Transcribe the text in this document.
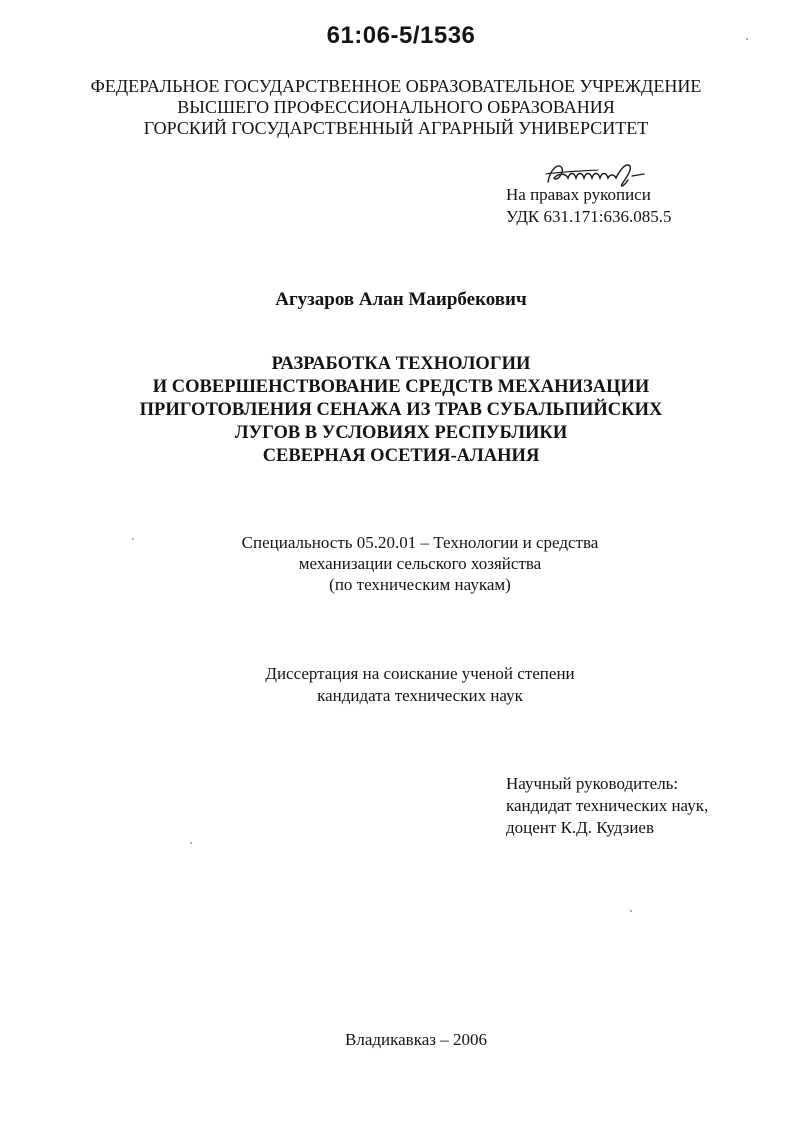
61:06-5/1536
ФЕДЕРАЛЬНОЕ ГОСУДАРСТВЕННОЕ ОБРАЗОВАТЕЛЬНОЕ УЧРЕЖДЕНИЕ
ВЫСШЕГО ПРОФЕССИОНАЛЬНОГО ОБРАЗОВАНИЯ
ГОРСКИЙ ГОСУДАРСТВЕННЫЙ АГРАРНЫЙ УНИВЕРСИТЕТ
На правах рукописи
УДК 631.171:636.085.5
Агузаров Алан Маирбекович
РАЗРАБОТКА ТЕХНОЛОГИИ
И СОВЕРШЕНСТВОВАНИЕ СРЕДСТВ МЕХАНИЗАЦИИ
ПРИГОТОВЛЕНИЯ СЕНАЖА ИЗ ТРАВ СУБАЛЬПИЙСКИХ
ЛУГОВ В УСЛОВИЯХ РЕСПУБЛИКИ
СЕВЕРНАЯ ОСЕТИЯ-АЛАНИЯ
Специальность 05.20.01 – Технологии и средства
механизации сельского хозяйства
(по техническим наукам)
Диссертация на соискание ученой степени
кандидата технических наук
Научный руководитель:
кандидат технических наук,
доцент К.Д. Кудзиев
Владикавказ – 2006
